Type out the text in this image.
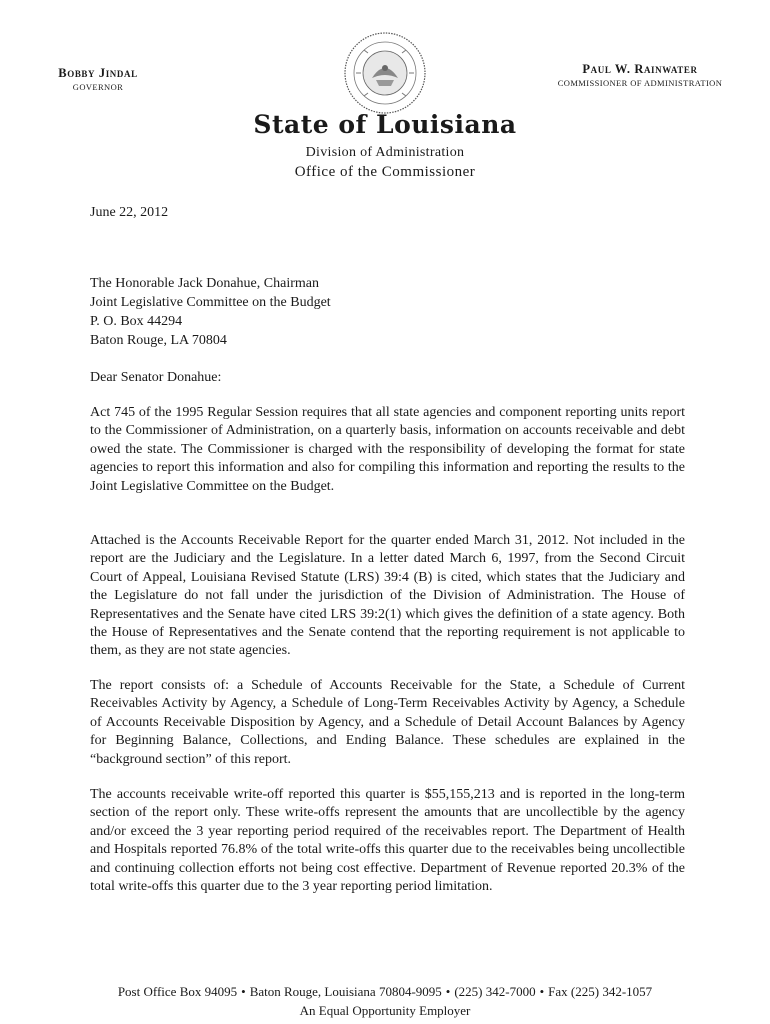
Bobby Jindal
GOVERNOR
Paul W. Rainwater
COMMISSIONER OF ADMINISTRATION
State of Louisiana
Division of Administration
Office of the Commissioner
June 22, 2012
The Honorable Jack Donahue, Chairman
Joint Legislative Committee on the Budget
P. O. Box 44294
Baton Rouge, LA 70804
Dear Senator Donahue:

Act 745 of the 1995 Regular Session requires that all state agencies and component reporting units report to the Commissioner of Administration, on a quarterly basis, information on accounts receivable and debt owed the state. The Commissioner is charged with the responsibility of developing the format for state agencies to report this information and also for compiling this information and reporting the results to the Joint Legislative Committee on the Budget.

Attached is the Accounts Receivable Report for the quarter ended March 31, 2012. Not included in the report are the Judiciary and the Legislature. In a letter dated March 6, 1997, from the Second Circuit Court of Appeal, Louisiana Revised Statute (LRS) 39:4 (B) is cited, which states that the Judiciary and the Legislature do not fall under the jurisdiction of the Division of Administration. The House of Representatives and the Senate have cited LRS 39:2(1) which gives the definition of a state agency. Both the House of Representatives and the Senate contend that the reporting requirement is not applicable to them, as they are not state agencies.

The report consists of: a Schedule of Accounts Receivable for the State, a Schedule of Current Receivables Activity by Agency, a Schedule of Long-Term Receivables Activity by Agency, a Schedule of Accounts Receivable Disposition by Agency, and a Schedule of Detail Account Balances by Agency for Beginning Balance, Collections, and Ending Balance. These schedules are explained in the “background section” of this report.

The accounts receivable write-off reported this quarter is $55,155,213 and is reported in the long-term section of the report only. These write-offs represent the amounts that are uncollectible by the agency and/or exceed the 3 year reporting period required of the receivables report. The Department of Health and Hospitals reported 76.8% of the total write-offs this quarter due to the receivables being uncollectible and continuing collection efforts not being cost effective. Department of Revenue reported 20.3% of the total write-offs this quarter due to the 3 year reporting period limitation.

Post Office Box 94095 • Baton Rouge, Louisiana 70804-9095 • (225) 342-7000 • Fax (225) 342-1057
An Equal Opportunity Employer
